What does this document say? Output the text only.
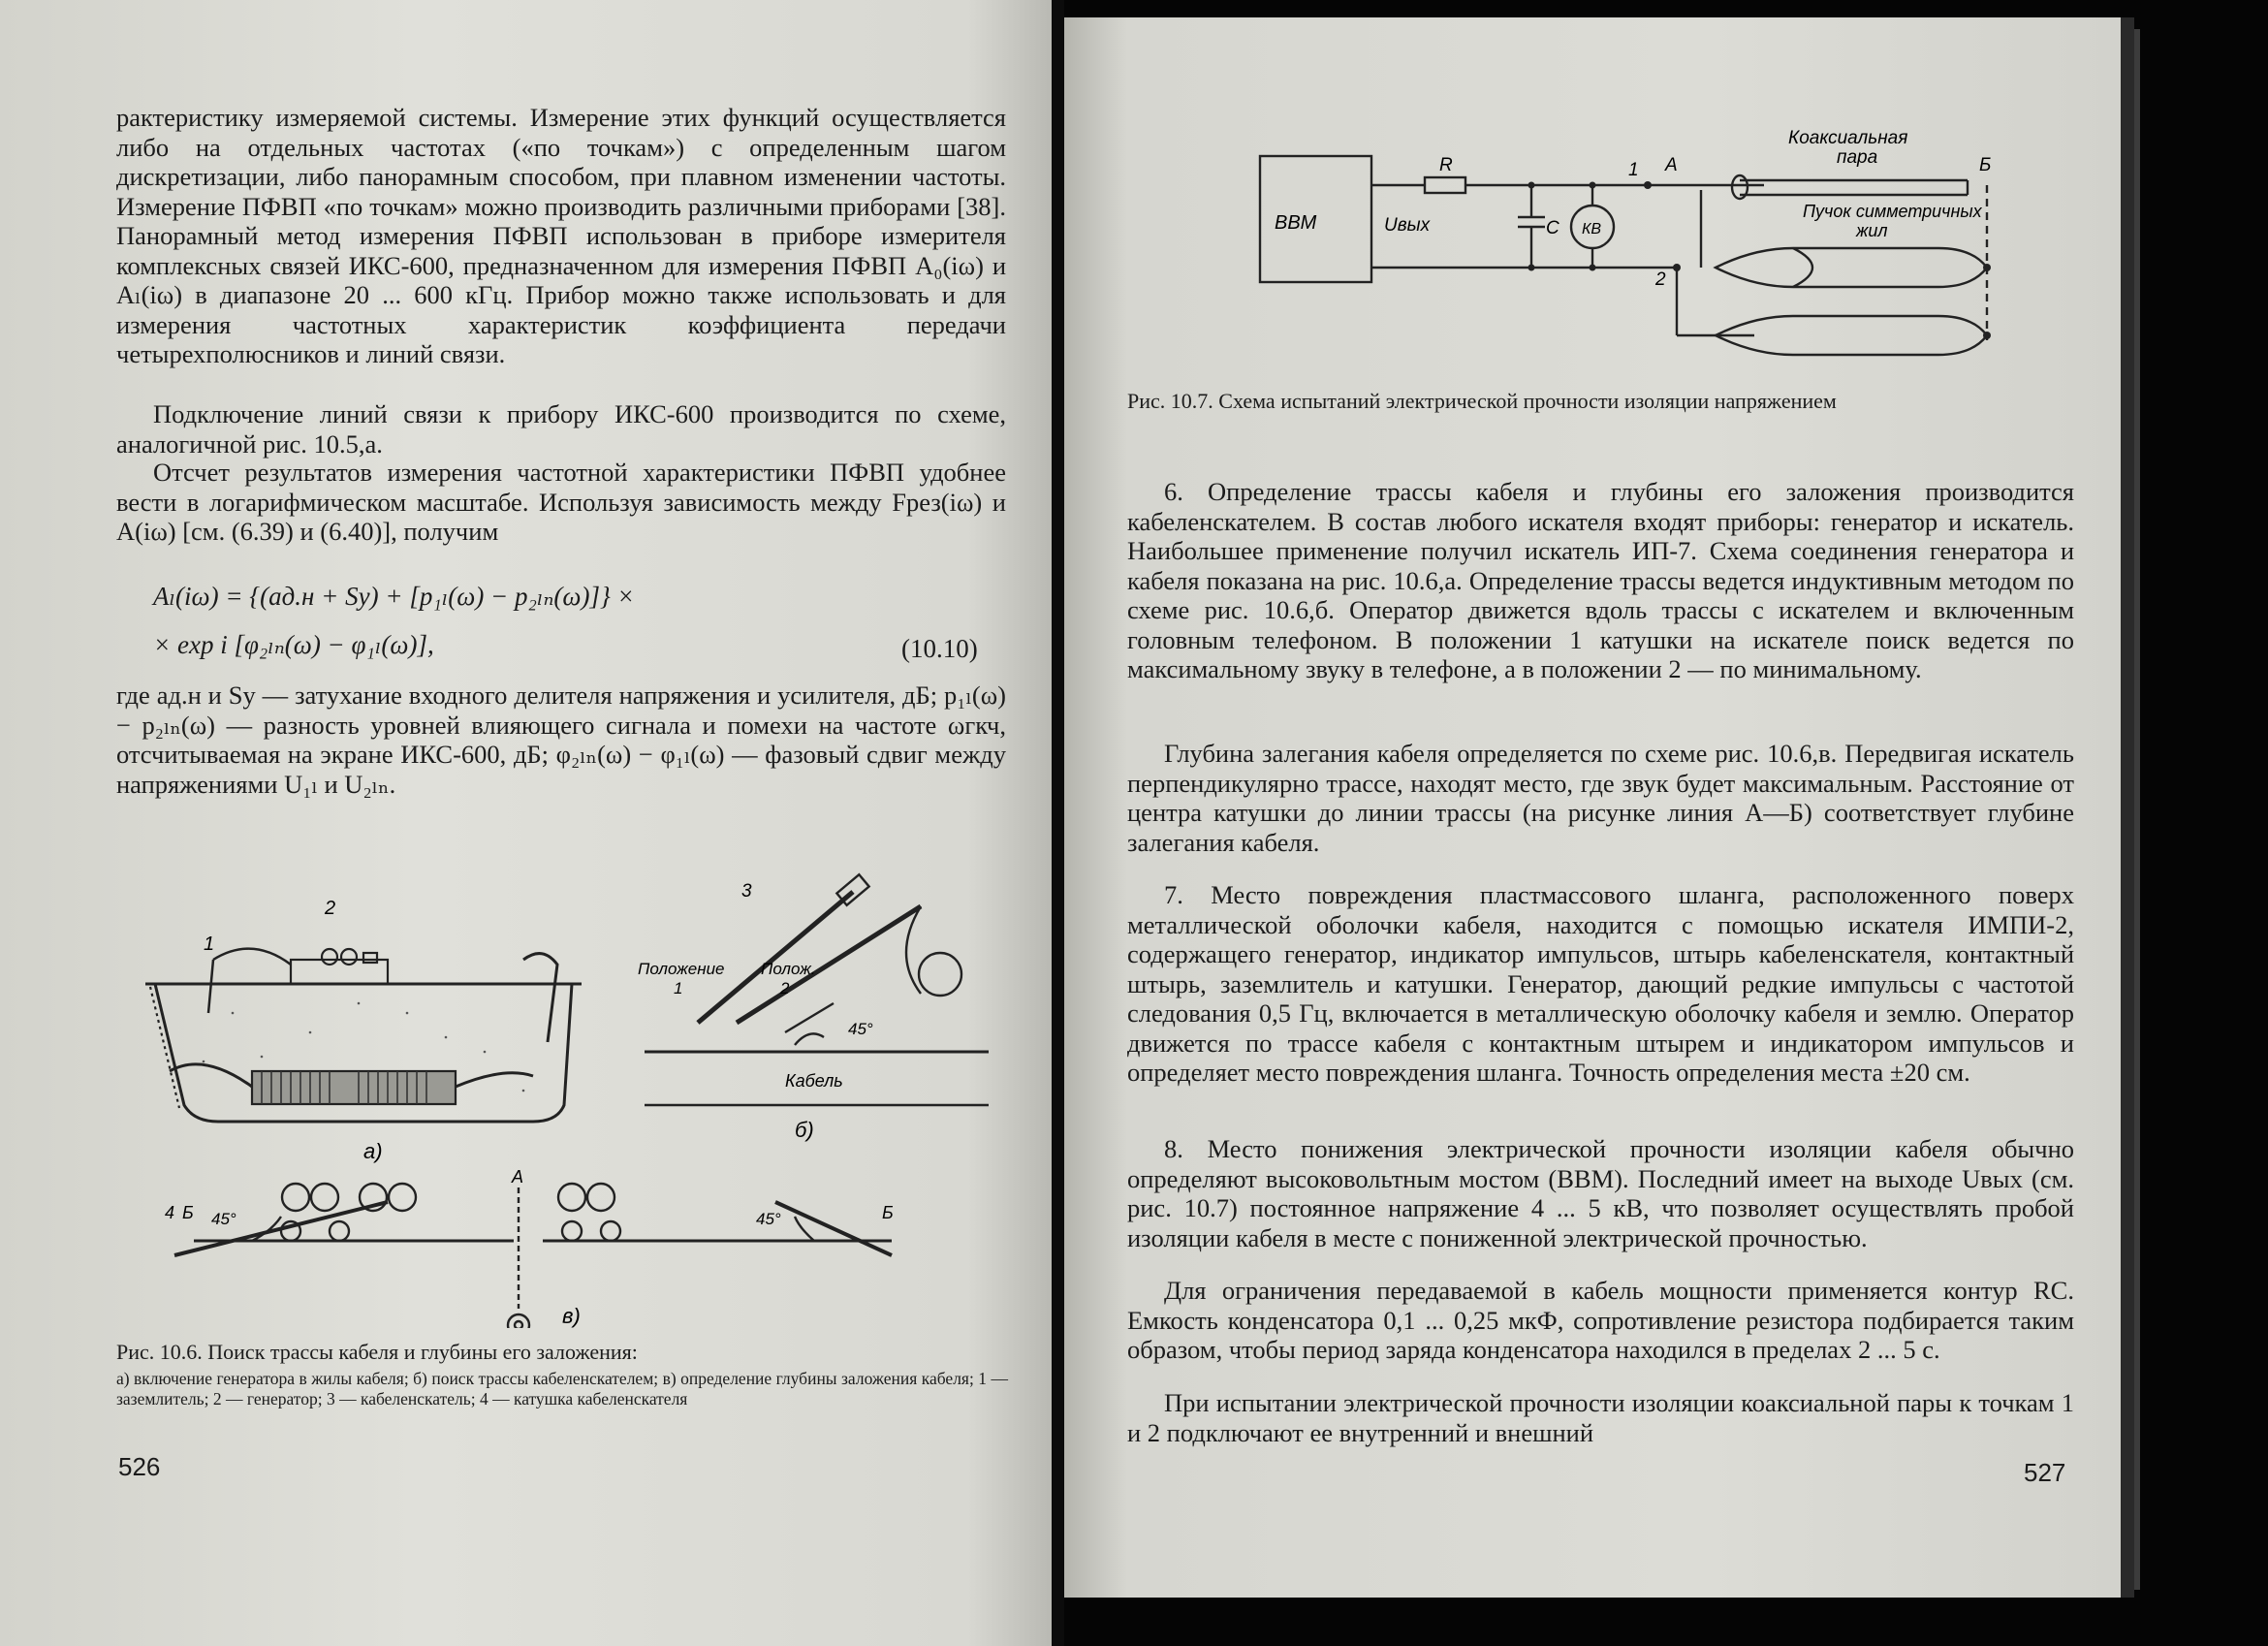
рактеристику измеряемой системы. Измерение этих функций осуществляется либо на отдельных частотах («по точкам») с определенным шагом дискретизации, либо панорамным способом, при плавном изменении частоты. Измерение ПФВП «по точкам» можно производить различными приборами [38]. Панорамный метод измерения ПФВП использован в приборе измерителя комплексных связей ИКС-600, предназначенном для измерения ПФВП A₀(iω) и Aₗ(iω) в диапазоне 20 ... 600 кГц. Прибор можно также использовать и для измерения частотных характеристик коэффициента передачи четырехполюсников и линий связи.

Подключение линий связи к прибору ИКС-600 производится по схеме, аналогичной рис. 10.5,а.

Отсчет результатов измерения частотной характеристики ПФВП удобнее вести в логарифмическом масштабе. Используя зависимость между Fрез(iω) и A(iω) [см. (6.39) и (6.40)], получим

Aₗ(iω) = {(aд.н + Sу) + [p₁ₗ(ω) − p₂ₗₙ(ω)]} ×
× exp i [φ₂ₗₙ(ω) − φ₁ₗ(ω)],	(10.10)

где aд.н и Sу — затухание входного делителя напряжения и усилителя, дБ; p₁ₗ(ω) − p₂ₗₙ(ω) — разность уровней влияющего сигнала и помехи на частоте ωгкч, отсчитываемая на экране ИКС-600, дБ; φ₂ₗₙ(ω) − φ₁ₗ(ω) — фазовый сдвиг между напряжениями U₁ₗ и U₂ₗₙ.

1
2
а)
3
Положение
1
Полож.
2
45°
Кабель
б)
4 Б 45°
А
45°	Б
в)

Рис. 10.6. Поиск трассы кабеля и глубины его заложения:

а) включение генератора в жилы кабеля; б) поиск трассы кабеленскателем; в) определение глубины заложения кабеля; 1 — заземлитель; 2 — генератор; 3 — кабеленскатель; 4 — катушка кабеленскателя

526
ВВМ
R
Uвых	С КВ
1
2
А	Б
Коаксиальная
пара
Пучок симметричных
жил

Рис. 10.7. Схема испытаний электрической прочности изоляции напряжением

6. Определение трассы кабеля и глубины его заложения производится кабеленскателем. В состав любого искателя входят приборы: генератор и искатель. Наибольшее применение получил искатель ИП-7. Схема соединения генератора и кабеля показана на рис. 10.6,а. Определение трассы ведется индуктивным методом по схеме рис. 10.6,б. Оператор движется вдоль трассы с искателем и включенным головным телефоном. В положении 1 катушки на искателе поиск ведется по максимальному звуку в телефоне, а в положении 2 — по минимальному.

Глубина залегания кабеля определяется по схеме рис. 10.6,в. Передвигая искатель перпендикулярно трассе, находят место, где звук будет максимальным. Расстояние от центра катушки до линии трассы (на рисунке линия А—Б) соответствует глубине залегания кабеля.

7. Место повреждения пластмассового шланга, расположенного поверх металлической оболочки кабеля, находится с помощью искателя ИМПИ-2, содержащего генератор, индикатор импульсов, штырь кабеленскателя, контактный штырь, заземлитель и катушки. Генератор, дающий редкие импульсы с частотой следования 0,5 Гц, включается в металлическую оболочку кабеля и землю. Оператор движется по трассе кабеля с контактным штырем и индикатором импульсов и определяет место повреждения шланга. Точность определения места ±20 см.

8. Место понижения электрической прочности изоляции кабеля обычно определяют высоковольтным мостом (ВВМ). Последний имеет на выходе Uвых (см. рис. 10.7) постоянное напряжение 4 ... 5 кВ, что позволяет осуществлять пробой изоляции кабеля в месте с пониженной электрической прочностью.

Для ограничения передаваемой в кабель мощности применяется контур RC. Емкость конденсатора 0,1 ... 0,25 мкФ, сопротивление резистора подбирается таким образом, чтобы период заряда конденсатора находился в пределах 2 ... 5 с.

При испытании электрической прочности изоляции коаксиальной пары к точкам 1 и 2 подключают ее внутренний и внешний

527
